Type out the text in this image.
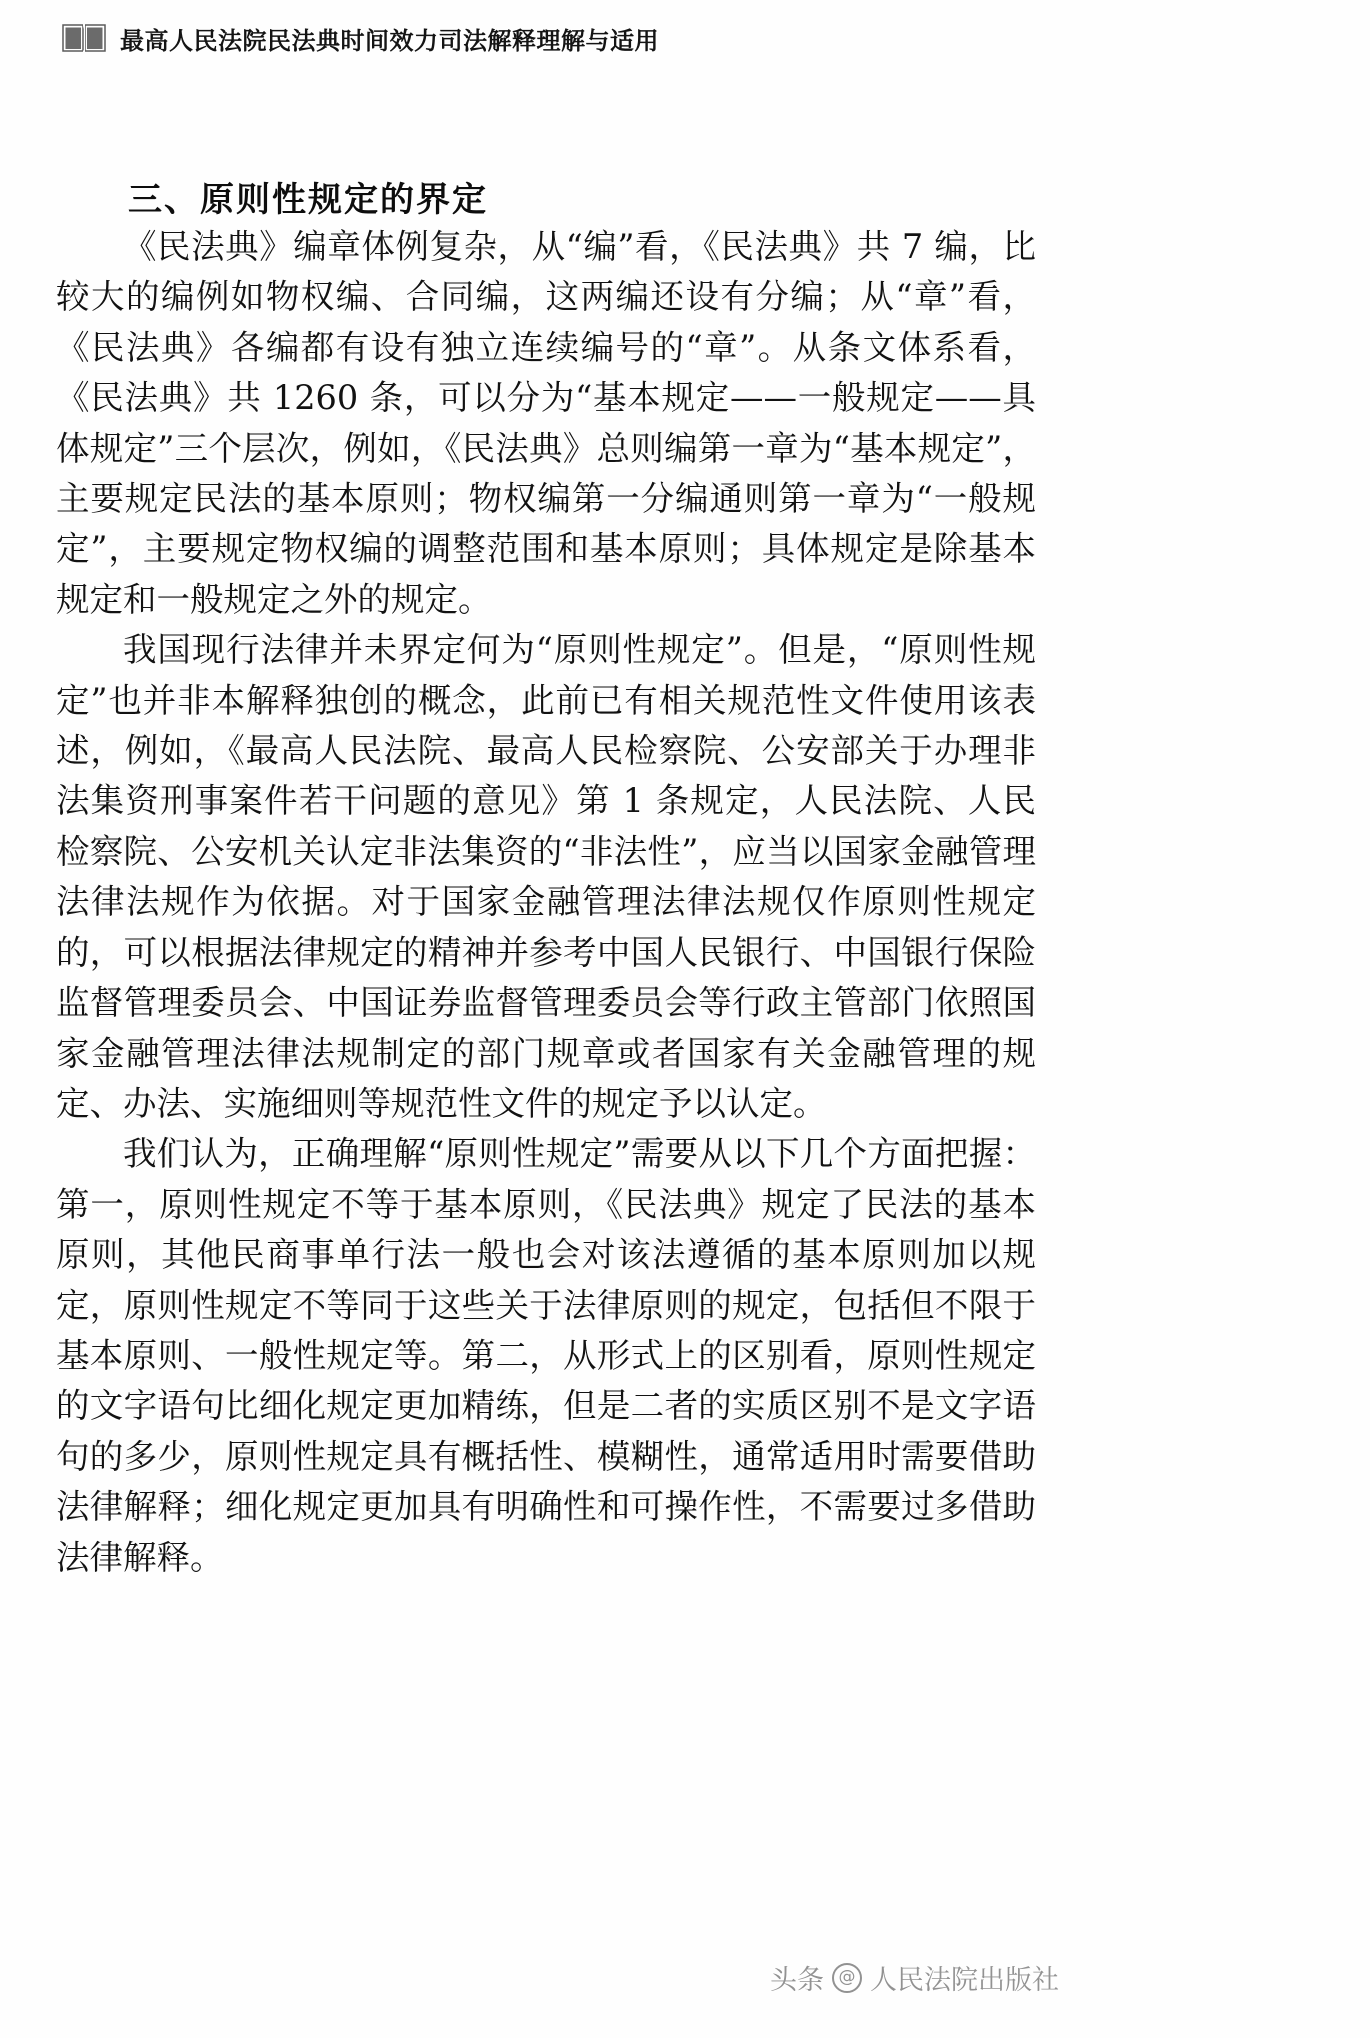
最高人民法院民法典时间效力司法解释理解与适用
三、原则性规定的界定

《民法典》编章体例复杂，从“编”看，《民法典》共 7 编，比较大的编例如物权编、合同编，这两编还设有分编；从“章”看，《民法典》各编都有设有独立连续编号的“章”。从条文体系看，《民法典》共 1260 条，可以分为“基本规定——一般规定——具体规定”三个层次，例如，《民法典》总则编第一章为“基本规定”，主要规定民法的基本原则；物权编第一分编通则第一章为“一般规定”，主要规定物权编的调整范围和基本原则；具体规定是除基本规定和一般规定之外的规定。

我国现行法律并未界定何为“原则性规定”。但是，“原则性规定”也并非本解释独创的概念，此前已有相关规范性文件使用该表述，例如，《最高人民法院、最高人民检察院、公安部关于办理非法集资刑事案件若干问题的意见》第 1 条规定，人民法院、人民检察院、公安机关认定非法集资的“非法性”，应当以国家金融管理法律法规作为依据。对于国家金融管理法律法规仅作原则性规定的，可以根据法律规定的精神并参考中国人民银行、中国银行保险监督管理委员会、中国证券监督管理委员会等行政主管部门依照国家金融管理法律法规制定的部门规章或者国家有关金融管理的规定、办法、实施细则等规范性文件的规定予以认定。

我们认为，正确理解“原则性规定”需要从以下几个方面把握：第一，原则性规定不等于基本原则，《民法典》规定了民法的基本原则，其他民商事单行法一般也会对该法遵循的基本原则加以规定，原则性规定不等同于这些关于法律原则的规定，包括但不限于基本原则、一般性规定等。第二，从形式上的区别看，原则性规定的文字语句比细化规定更加精练，但是二者的实质区别不是文字语句的多少，原则性规定具有概括性、模糊性，通常适用时需要借助法律解释；细化规定更加具有明确性和可操作性，不需要过多借助法律解释。

头条 @ 人民法院出版社
